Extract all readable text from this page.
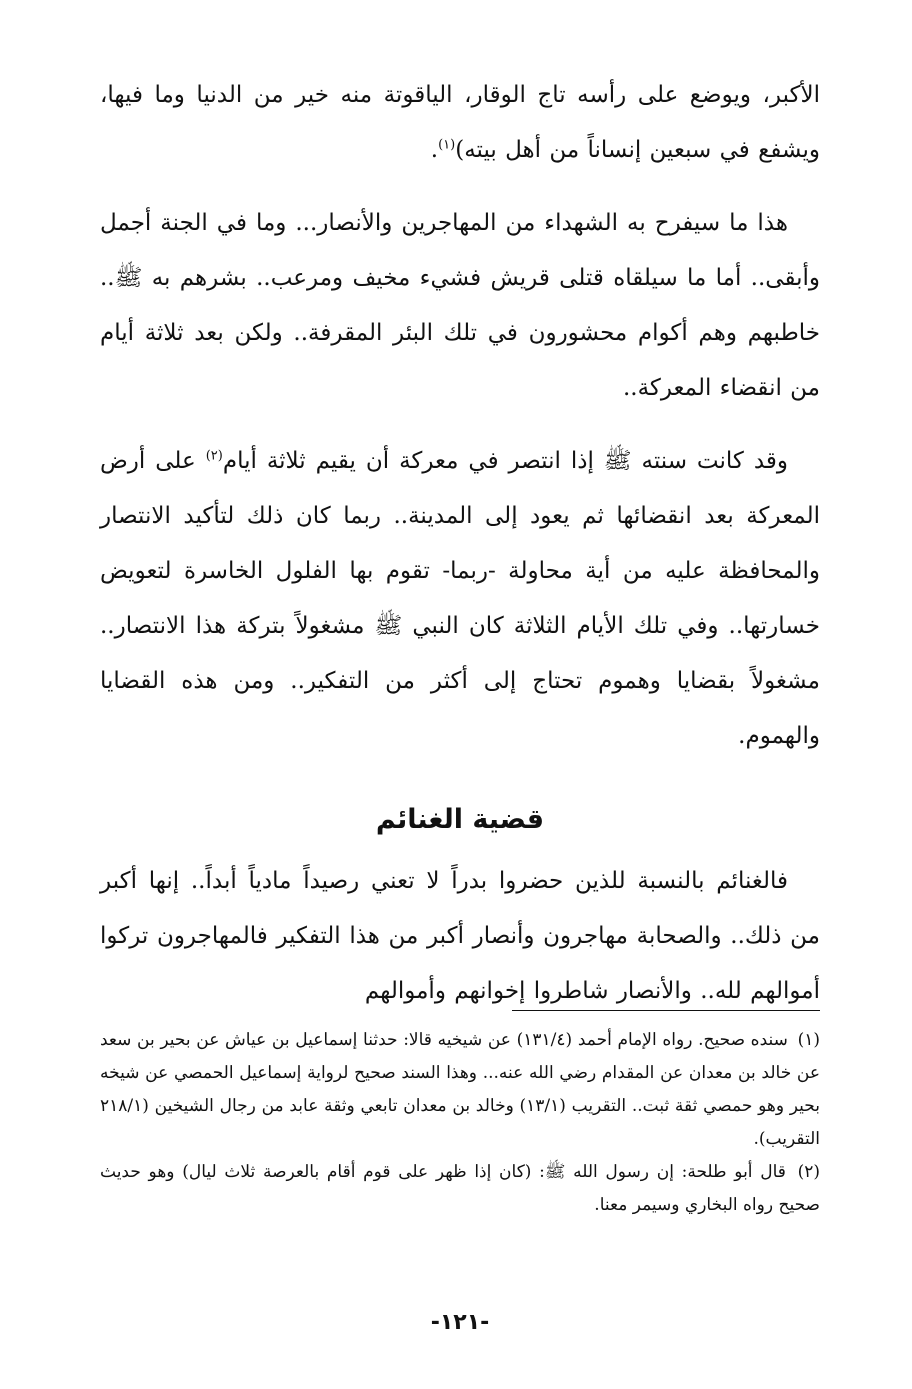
الأكبر، ويوضع على رأسه تاج الوقار، الياقوتة منه خير من الدنيا وما فيها، ويشفع في سبعين إنساناً من أهل بيته)$^{(١)}$.

هذا ما سيفرح به الشهداء من المهاجرين والأنصار... وما في الجنة أجمل وأبقى.. أما ما سيلقاه قتلى قريش فشيء مخيف ومرعب.. بشرهم به ﷺ.. خاطبهم وهم أكوام محشورون في تلك البئر المقرفة.. ولكن بعد ثلاثة أيام من انقضاء المعركة..

وقد كانت سنته ﷺ إذا انتصر في معركة أن يقيم ثلاثة أيام$^{(٢)}$ على أرض المعركة بعد انقضائها ثم يعود إلى المدينة.. ربما كان ذلك لتأكيد الانتصار والمحافظة عليه من أية محاولة -ربما- تقوم بها الفلول الخاسرة لتعويض خسارتها.. وفي تلك الأيام الثلاثة كان النبي ﷺ مشغولاً بتركة هذا الانتصار.. مشغولاً بقضايا وهموم تحتاج إلى أكثر من التفكير.. ومن هذه القضايا والهموم.

قضية الغنائم

فالغنائم بالنسبة للذين حضروا بدراً لا تعني رصيداً مادياً أبداً.. إنها أكبر من ذلك.. والصحابة مهاجرون وأنصار أكبر من هذا التفكير فالمهاجرون تركوا أموالهم لله.. والأنصار شاطروا إخوانهم وأموالهم

(١) سنده صحيح. رواه الإمام أحمد (١٣١/٤) عن شيخيه قالا: حدثنا إسماعيل بن عياش عن بحير بن سعد عن خالد بن معدان عن المقدام رضي الله عنه... وهذا السند صحيح لرواية إسماعيل الحمصي عن شيخه بحير وهو حمصي ثقة ثبت.. التقريب (١٣/١) وخالد بن معدان تابعي وثقة عابد من رجال الشيخين (٢١٨/١ التقريب).

(٢) قال أبو طلحة: إن رسول الله ﷺ: (كان إذا ظهر على قوم أقام بالعرصة ثلاث ليال) وهو حديث صحيح رواه البخاري وسيمر معنا.

-١٢١-
